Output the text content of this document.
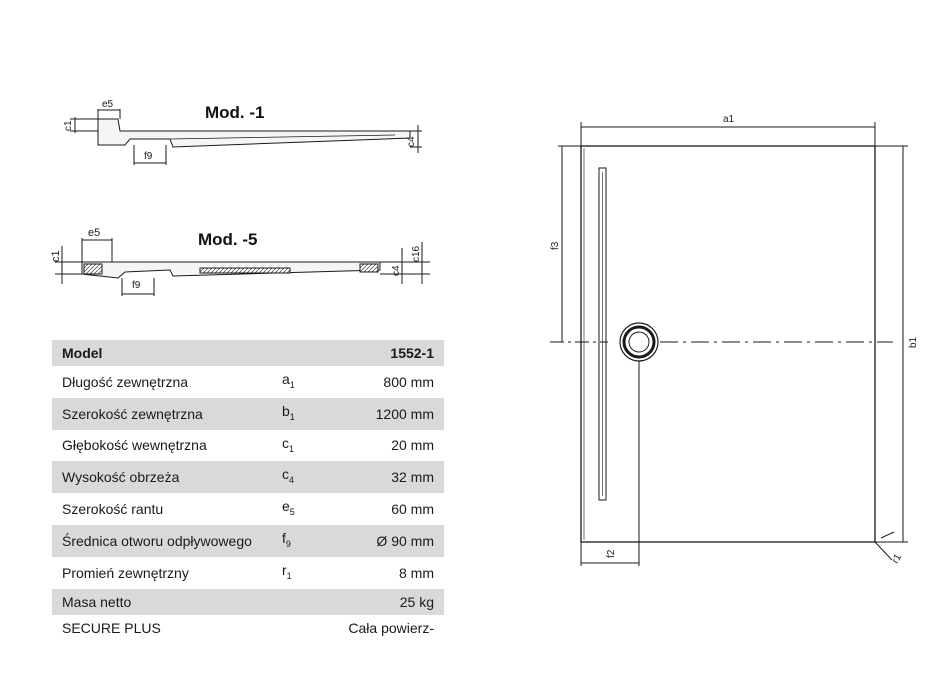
Mod. -1
e5
c1
f9
c4
Mod. -5
e5
c1
f9
c4
c16
Model		1552-1
Długość zewnętrzna	$a_1$	800 mm
Szerokość zewnętrzna	$b_1$	1200 mm
Głębokość wewnętrzna	$c_1$	20 mm
Wysokość obrzeża	$c_4$	32 mm
Szerokość rantu	$e_5$	60 mm
Średnica otworu odpływowego	$f_9$	Ø 90 mm
Promień zewnętrzny	$r_1$	8 mm
Masa netto		25 kg
SECURE PLUS		Cała powierz-
a1
f3
b1
f2	r1
